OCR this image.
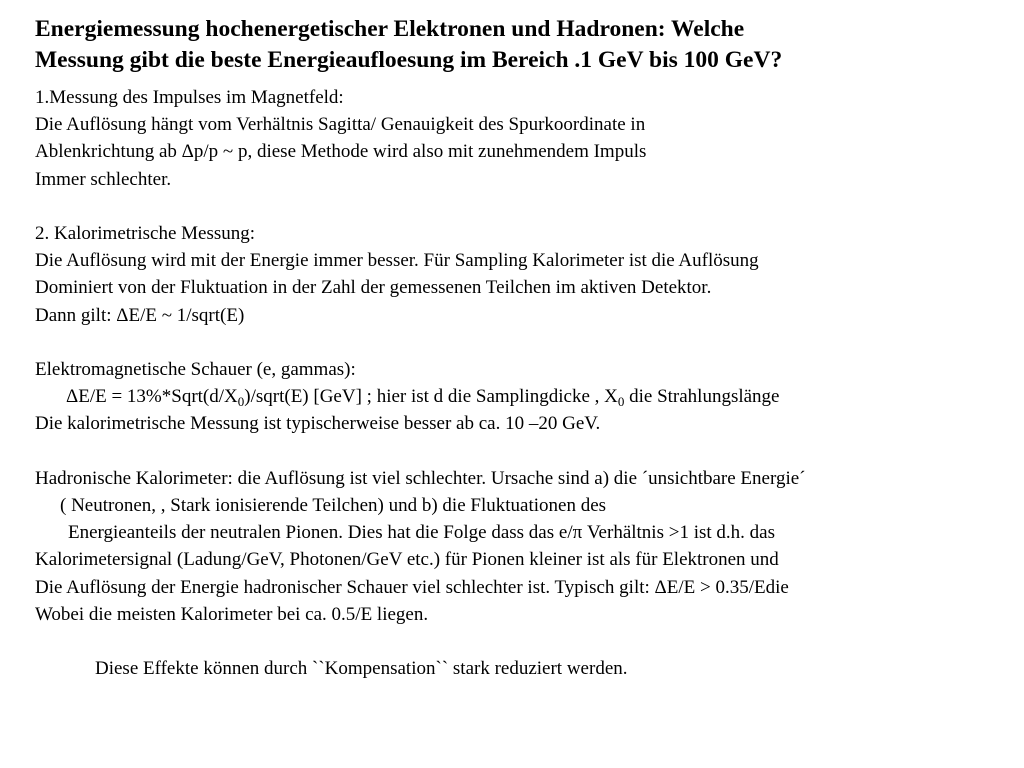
Energiemessung hochenergetischer Elektronen und Hadronen: Welche
Messung gibt die beste Energieaufloesung im Bereich .1 GeV bis 100 GeV?
1.Messung des Impulses im Magnetfeld:
Die Auflösung hängt vom Verhältnis Sagitta/ Genauigkeit des Spurkoordinate in
Ablenkrichtung ab Δp/p ~ p, diese Methode wird also mit zunehmendem Impuls
Immer schlechter.
2. Kalorimetrische Messung:
Die Auflösung wird mit der Energie immer besser. Für Sampling Kalorimeter ist die Auflösung
Dominiert von der Fluktuation in der Zahl der gemessenen Teilchen im aktiven Detektor.
Dann gilt: ΔE/E ~ 1/sqrt(E)
Elektromagnetische Schauer (e, gammas):
$\Delta E/E = 13\%*Sqrt(d/X_0)/sqrt(E)$ [GeV] ; hier ist d die Samplingdicke , $X_0$ die Strahlungslänge
Die kalorimetrische Messung ist typischerweise besser ab ca. 10 –20 GeV.
Hadronische Kalorimeter: die Auflösung ist viel schlechter. Ursache sind a) die ´unsichtbare Energie´
( Neutronen, , Stark ionisierende Teilchen) und b) die Fluktuationen des
Energieanteils der neutralen Pionen. Dies hat die Folge dass das e/π Verhältnis >1 ist d.h. das
Kalorimetersignal (Ladung/GeV, Photonen/GeV etc.) für Pionen kleiner ist als für Elektronen und
Die Auflösung der Energie hadronischer Schauer viel schlechter ist. Typisch gilt: ΔE/E > 0.35/Edie
Wobei die meisten Kalorimeter bei ca. 0.5/E liegen.
Diese Effekte können durch ``Kompensation`` stark reduziert werden.
